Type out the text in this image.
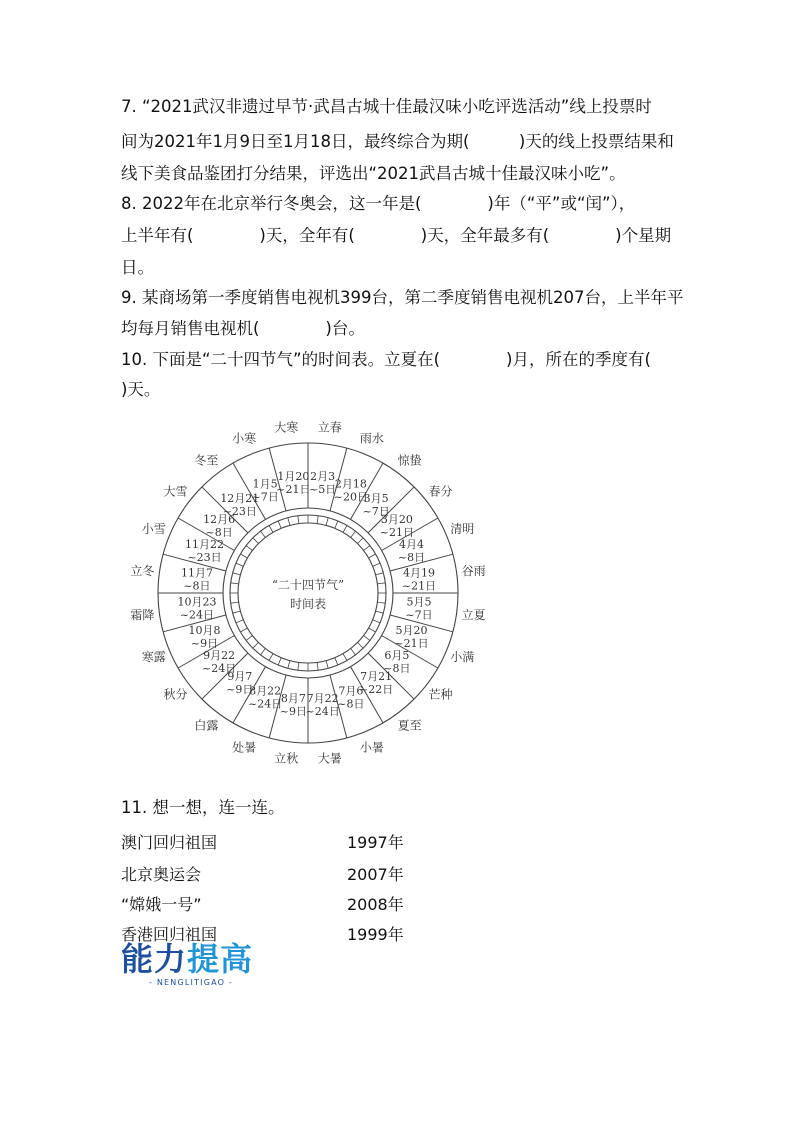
7. “2021武汉非遗过早节·武昌古城十佳最汉味小吃评选活动”线上投票时
间为2021年1月9日至1月18日，最终综合为期(　　　)天的线上投票结果和
线下美食品鉴团打分结果，评选出“2021武昌古城十佳最汉味小吃”。
8. 2022年在北京举行冬奥会，这一年是(　　　　)年（“平”或“闰”），
上半年有(　　　　)天，全年有(　　　　)天，全年最多有(　　　　)个星期
日。
9. 某商场第一季度销售电视机399台，第二季度销售电视机207台，上半年平
均每月销售电视机(　　　　)台。
10. 下面是“二十四节气”的时间表。立夏在(　　　　)月，所在的季度有(
)天。
2月3
~5日
2月18
~20日
3月5
~7日
3月20
~21日
4月4
~8日
4月19
~21日
5月5
~7日
5月20
~21日
6月5
~8日
7月21
~22日
7月6
~8日
7月22
~24日
8月7
~9日
8月22
~24日
9月7
~9日
9月22
~24日
10月8
~9日
10月23
~24日
11月7
~8日
11月22
~23日
12月6
~8日
12月21
~23日
1月5
~7日
1月20
~21日
立春
雨水
惊蛰
春分
清明
谷雨
立夏
小满
芒种
夏至
小暑
大暑
立秋
处暑
白露
秋分
寒露
霜降
立冬
小雪
大雪
冬至
小寒
大寒
“二十四节气”
时间表
11. 想一想，连一连。
澳门回归祖国	1997年
北京奥运会	2007年
“嫦娥一号”	2008年
香港回归祖国	1999年
能力提高
- NENGLITIGAO -
